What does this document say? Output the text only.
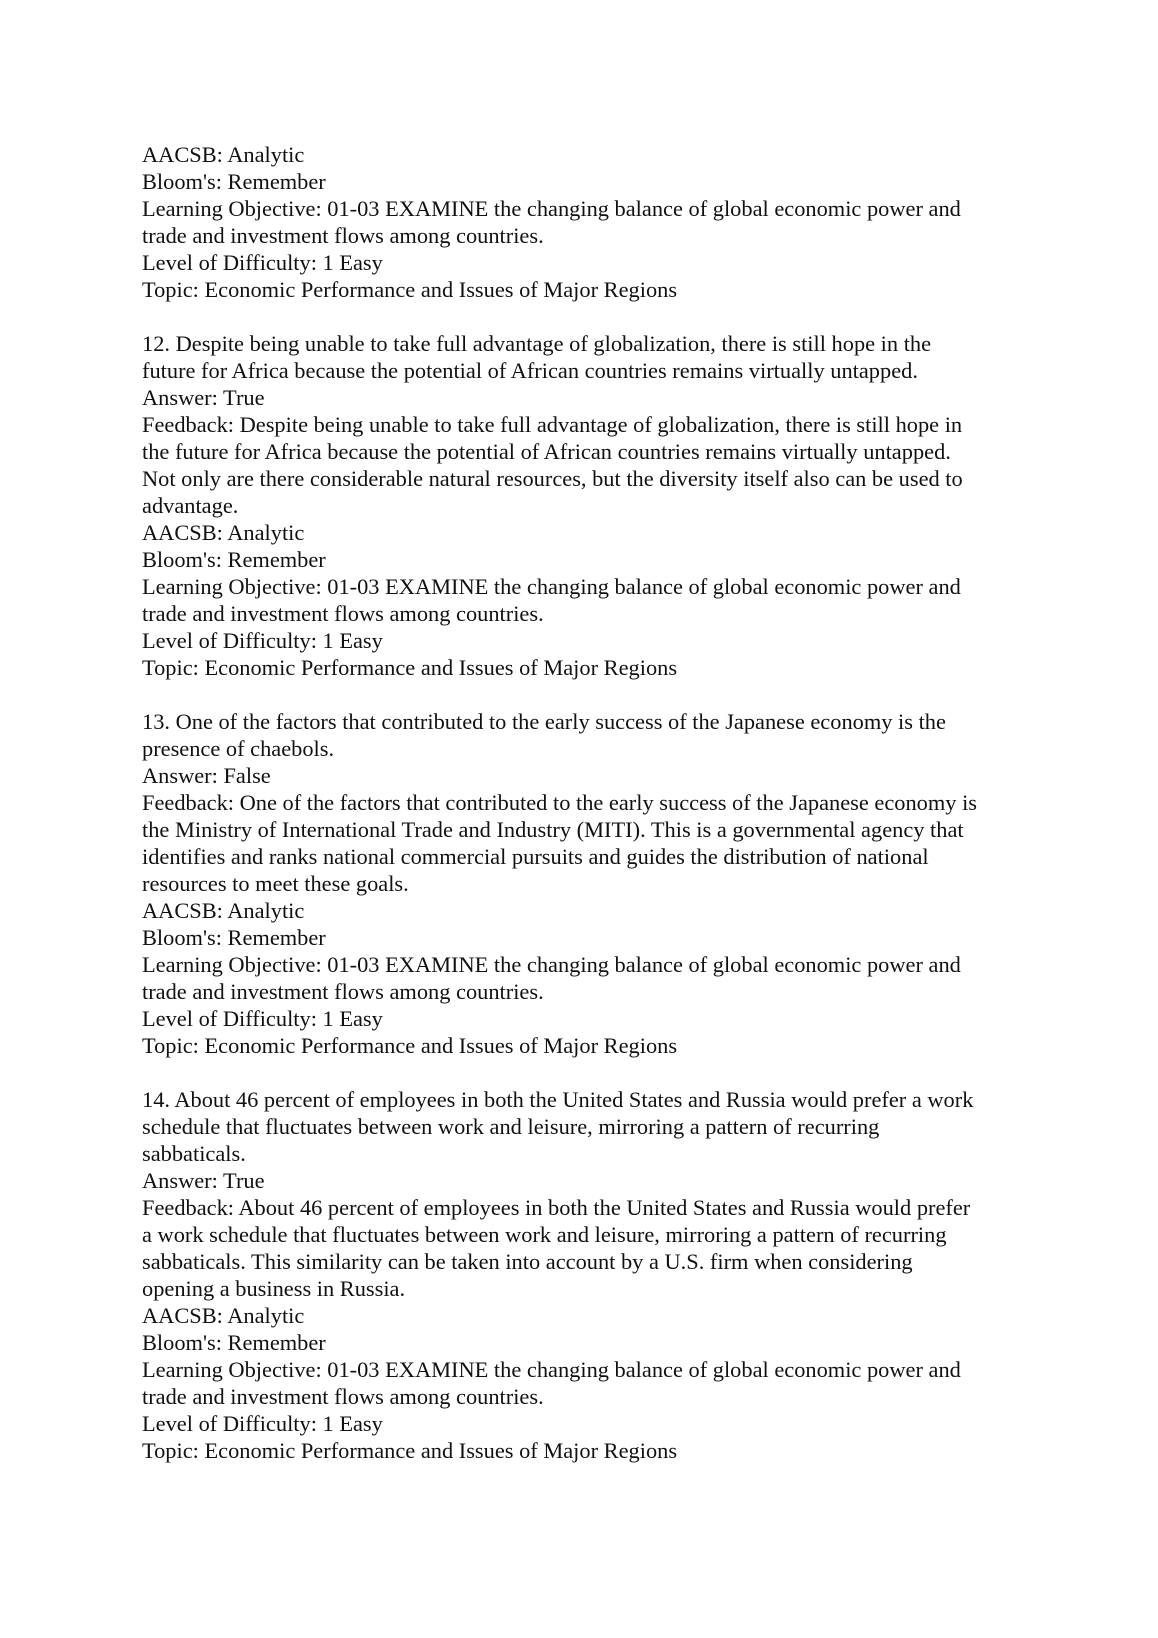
AACSB: Analytic
Bloom's: Remember
Learning Objective: 01-03 EXAMINE the changing balance of global economic power and
trade and investment flows among countries.
Level of Difficulty: 1 Easy
Topic: Economic Performance and Issues of Major Regions
12. Despite being unable to take full advantage of globalization, there is still hope in the
future for Africa because the potential of African countries remains virtually untapped.
Answer: True
Feedback: Despite being unable to take full advantage of globalization, there is still hope in
the future for Africa because the potential of African countries remains virtually untapped.
Not only are there considerable natural resources, but the diversity itself also can be used to
advantage.
AACSB: Analytic
Bloom's: Remember
Learning Objective: 01-03 EXAMINE the changing balance of global economic power and
trade and investment flows among countries.
Level of Difficulty: 1 Easy
Topic: Economic Performance and Issues of Major Regions
13. One of the factors that contributed to the early success of the Japanese economy is the
presence of chaebols.
Answer: False
Feedback: One of the factors that contributed to the early success of the Japanese economy is
the Ministry of International Trade and Industry (MITI). This is a governmental agency that
identifies and ranks national commercial pursuits and guides the distribution of national
resources to meet these goals.
AACSB: Analytic
Bloom's: Remember
Learning Objective: 01-03 EXAMINE the changing balance of global economic power and
trade and investment flows among countries.
Level of Difficulty: 1 Easy
Topic: Economic Performance and Issues of Major Regions
14. About 46 percent of employees in both the United States and Russia would prefer a work
schedule that fluctuates between work and leisure, mirroring a pattern of recurring
sabbaticals.
Answer: True
Feedback: About 46 percent of employees in both the United States and Russia would prefer
a work schedule that fluctuates between work and leisure, mirroring a pattern of recurring
sabbaticals. This similarity can be taken into account by a U.S. firm when considering
opening a business in Russia.
AACSB: Analytic
Bloom's: Remember
Learning Objective: 01-03 EXAMINE the changing balance of global economic power and
trade and investment flows among countries.
Level of Difficulty: 1 Easy
Topic: Economic Performance and Issues of Major Regions
